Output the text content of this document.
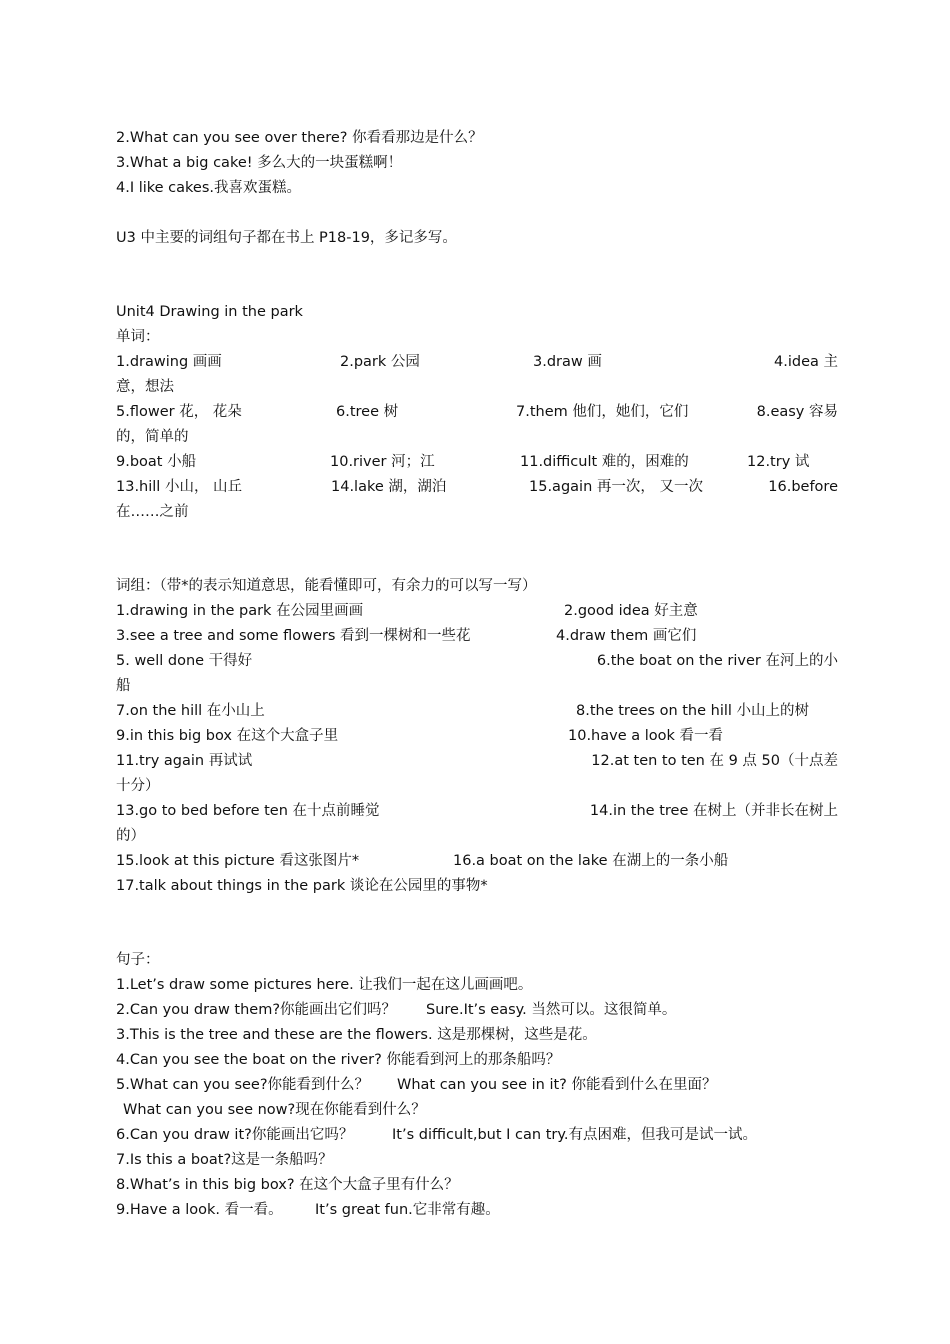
2.What can you see over there? 你看看那边是什么？
3.What a big cake! 多么大的一块蛋糕啊！
4.I like cakes.我喜欢蛋糕。
U3 中主要的词组句子都在书上 P18-19，多记多写。
Unit4 Drawing in the park
单词：
1.drawing 画画	2.park 公园	3.draw 画	4.idea 主
意，想法
5.flower 花， 花朵	6.tree 树	7.them 他们，她们，它们	8.easy 容易
的，简单的
9.boat 小船	10.river 河；江	11.difficult 难的，困难的	12.try 试
13.hill 小山， 山丘	14.lake 湖，湖泊	15.again 再一次， 又一次	16.before
在……之前
词组：（带*的表示知道意思，能看懂即可，有余力的可以写一写）
1.drawing in the park 在公园里画画	2.good idea 好主意
3.see a tree and some flowers 看到一棵树和一些花	4.draw them 画它们
5. well done 干得好	6.the boat on the river 在河上的小
船
7.on the hill 在小山上	8.the trees on the hill 小山上的树
9.in this big box 在这个大盒子里	10.have a look 看一看
11.try again 再试试	12.at ten to ten 在 9 点 50（十点差
十分）
13.go to bed before ten 在十点前睡觉	14.in the tree 在树上（并非长在树上
的）
15.look at this picture 看这张图片*	16.a boat on the lake 在湖上的一条小船
17.talk about things in the park 谈论在公园里的事物*
句子：
1.Let’s draw some pictures here. 让我们一起在这儿画画吧。
2.Can you draw them?你能画出它们吗？ Sure.It’s easy. 当然可以。这很简单。
3.This is the tree and these are the flowers. 这是那棵树，这些是花。
4.Can you see the boat on the river? 你能看到河上的那条船吗？
5.What can you see?你能看到什么？ What can you see in it? 你能看到什么在里面？
What can you see now?现在你能看到什么？
6.Can you draw it?你能画出它吗？	It’s difficult,but I can try.有点困难，但我可是试一试。
7.Is this a boat?这是一条船吗？
8.What’s in this big box? 在这个大盒子里有什么？
9.Have a look. 看一看。 It’s great fun.它非常有趣。
